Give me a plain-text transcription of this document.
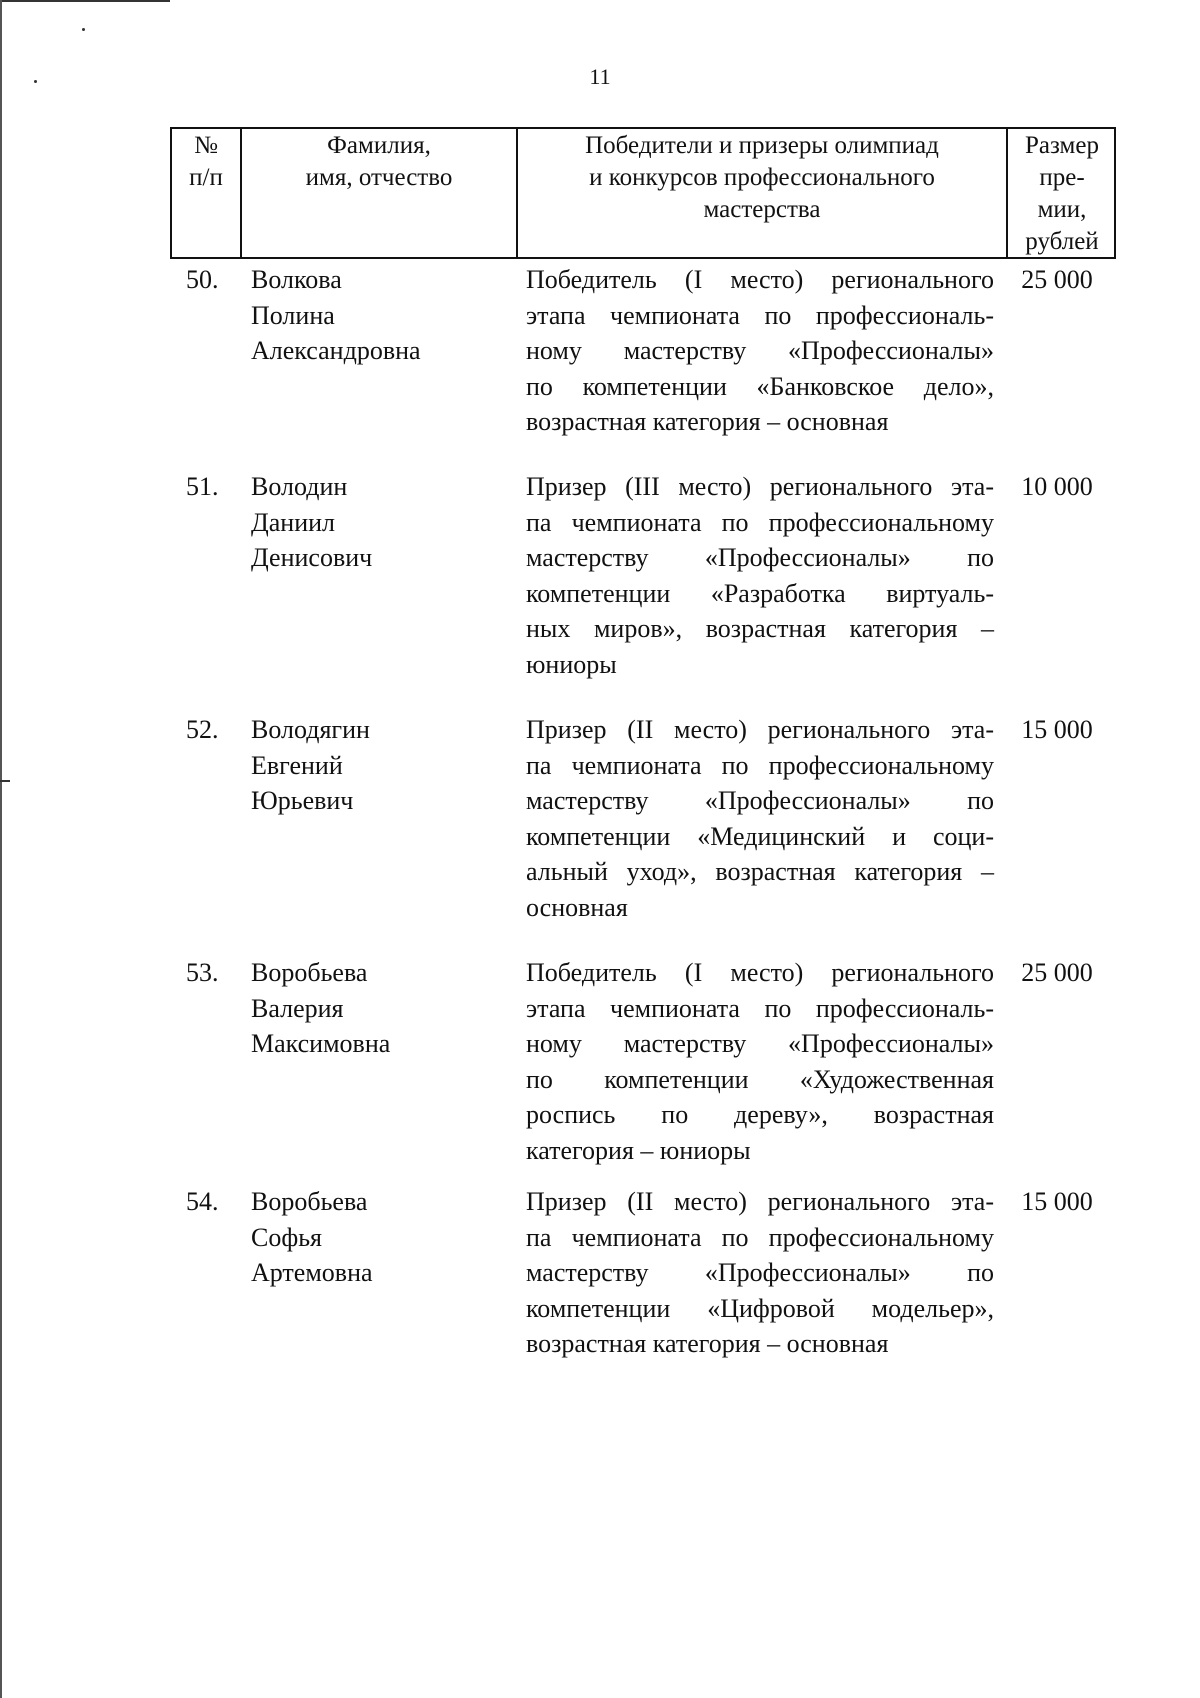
11
№
п/п
Фамилия,
имя, отчество
Победители и призеры олимпиад
и конкурсов профессионального
мастерства
Размер
пре-
мии,
рублей
50. Волкова
Полина
Александровна
Победитель (I место) регионального
этапа чемпионата по профессиональ-
ному мастерству «Профессионалы»
по компетенции «Банковское дело»,
возрастная категория – основная
25 000
51. Володин
Даниил
Денисович
Призер (III место) регионального эта-
па чемпионата по профессиональному
мастерству «Профессионалы» по
компетенции «Разработка виртуаль-
ных миров», возрастная категория –
юниоры
10 000
52. Володягин
Евгений
Юрьевич
Призер (II место) регионального эта-
па чемпионата по профессиональному
мастерству «Профессионалы» по
компетенции «Медицинский и соци-
альный уход», возрастная категория –
основная
15 000
53. Воробьева
Валерия
Максимовна
Победитель (I место) регионального
этапа чемпионата по профессиональ-
ному мастерству «Профессионалы»
по компетенции «Художественная
роспись по дереву», возрастная
категория – юниоры
25 000
54. Воробьева
Софья
Артемовна
Призер (II место) регионального эта-
па чемпионата по профессиональному
мастерству «Профессионалы» по
компетенции «Цифровой модельер»,
возрастная категория – основная
15 000
